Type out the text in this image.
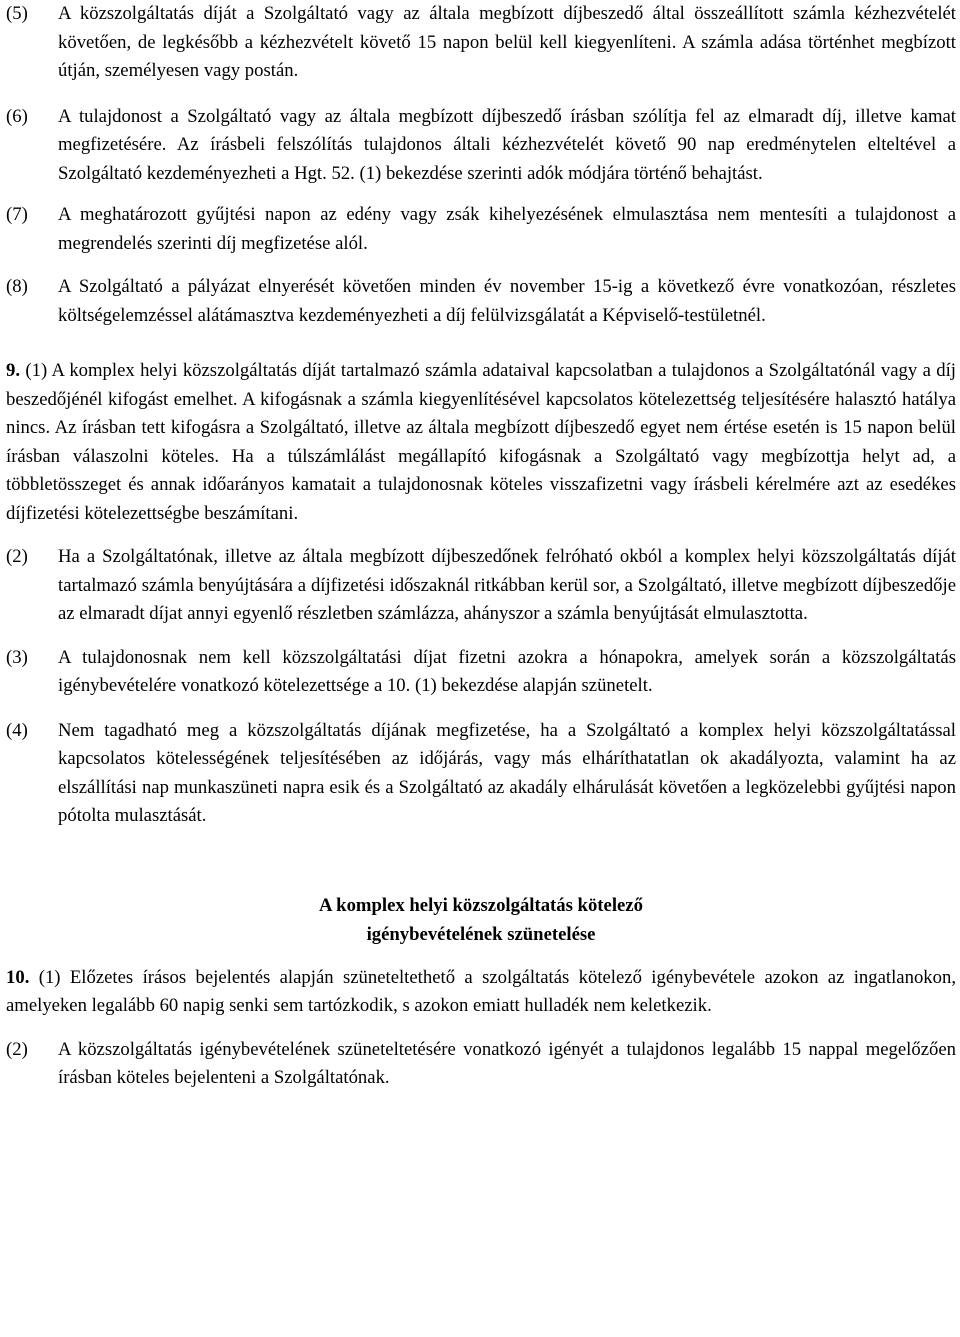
(5)	A közszolgáltatás díját a Szolgáltató vagy az általa megbízott díjbeszedő által összeállított számla kézhezvételét követően, de legkésőbb a kézhezvételt követő 15 napon belül kell kiegyenlíteni. A számla adása történhet megbízott útján, személyesen vagy postán.
(6)	A tulajdonost a Szolgáltató vagy az általa megbízott díjbeszedő írásban szólítja fel az elmaradt díj, illetve kamat megfizetésére. Az írásbeli felszólítás tulajdonos általi kézhezvételét követő 90 nap eredménytelen elteltével a Szolgáltató kezdeményezheti a Hgt. 52. (1) bekezdése szerinti adók módjára történő behajtást.
(7)	A meghatározott gyűjtési napon az edény vagy zsák kihelyezésének elmulasztása nem mentesíti a tulajdonost a megrendelés szerinti díj megfizetése alól.
(8)	A Szolgáltató a pályázat elnyerését követően minden év november 15-ig a következő évre vonatkozóan, részletes költségelemzéssel alátámasztva kezdeményezheti a díj felülvizsgálatát a Képviselő-testületnél.
9. (1) A komplex helyi közszolgáltatás díját tartalmazó számla adataival kapcsolatban a tulajdonos a Szolgáltatónál vagy a díj beszedőjénél kifogást emelhet. A kifogásnak a számla kiegyenlítésével kapcsolatos kötelezettség teljesítésére halasztó hatálya nincs. Az írásban tett kifogásra a Szolgáltató, illetve az általa megbízott díjbeszedő egyet nem értése esetén is 15 napon belül írásban válaszolni köteles. Ha a túlszámlálást megállapító kifogásnak a Szolgáltató vagy megbízottja helyt ad, a többletösszeget és annak időarányos kamatait a tulajdonosnak köteles visszafizetni vagy írásbeli kérelmére azt az esedékes díjfizetési kötelezettségbe beszámítani.
(2)	Ha a Szolgáltatónak, illetve az általa megbízott díjbeszedőnek felróható okból a komplex helyi közszolgáltatás díját tartalmazó számla benyújtására a díjfizetési időszaknál ritkábban kerül sor, a Szolgáltató, illetve megbízott díjbeszedője az elmaradt díjat annyi egyenlő részletben számlázza, ahányszor a számla benyújtását elmulasztotta.
(3)	A tulajdonosnak nem kell közszolgáltatási díjat fizetni azokra a hónapokra, amelyek során a közszolgáltatás igénybevételére vonatkozó kötelezettsége a 10. (1) bekezdése alapján szünetelt.
(4)	Nem tagadható meg a közszolgáltatás díjának megfizetése, ha a Szolgáltató a komplex helyi közszolgáltatással kapcsolatos kötelességének teljesítésében az időjárás, vagy más elháríthatatlan ok akadályozta, valamint ha az elszállítási nap munkaszüneti napra esik és a Szolgáltató az akadály elhárulását követően a legközelebbi gyűjtési napon pótolta mulasztását.
A komplex helyi közszolgáltatás kötelező
igénybevételének szünetelése
10. (1) Előzetes írásos bejelentés alapján szüneteltethető a szolgáltatás kötelező igénybevétele azokon az ingatlanokon, amelyeken legalább 60 napig senki sem tartózkodik, s azokon emiatt hulladék nem keletkezik.
(2)	A közszolgáltatás igénybevételének szüneteltetésére vonatkozó igényét a tulajdonos legalább 15 nappal megelőzően írásban köteles bejelenteni a Szolgáltatónak.
